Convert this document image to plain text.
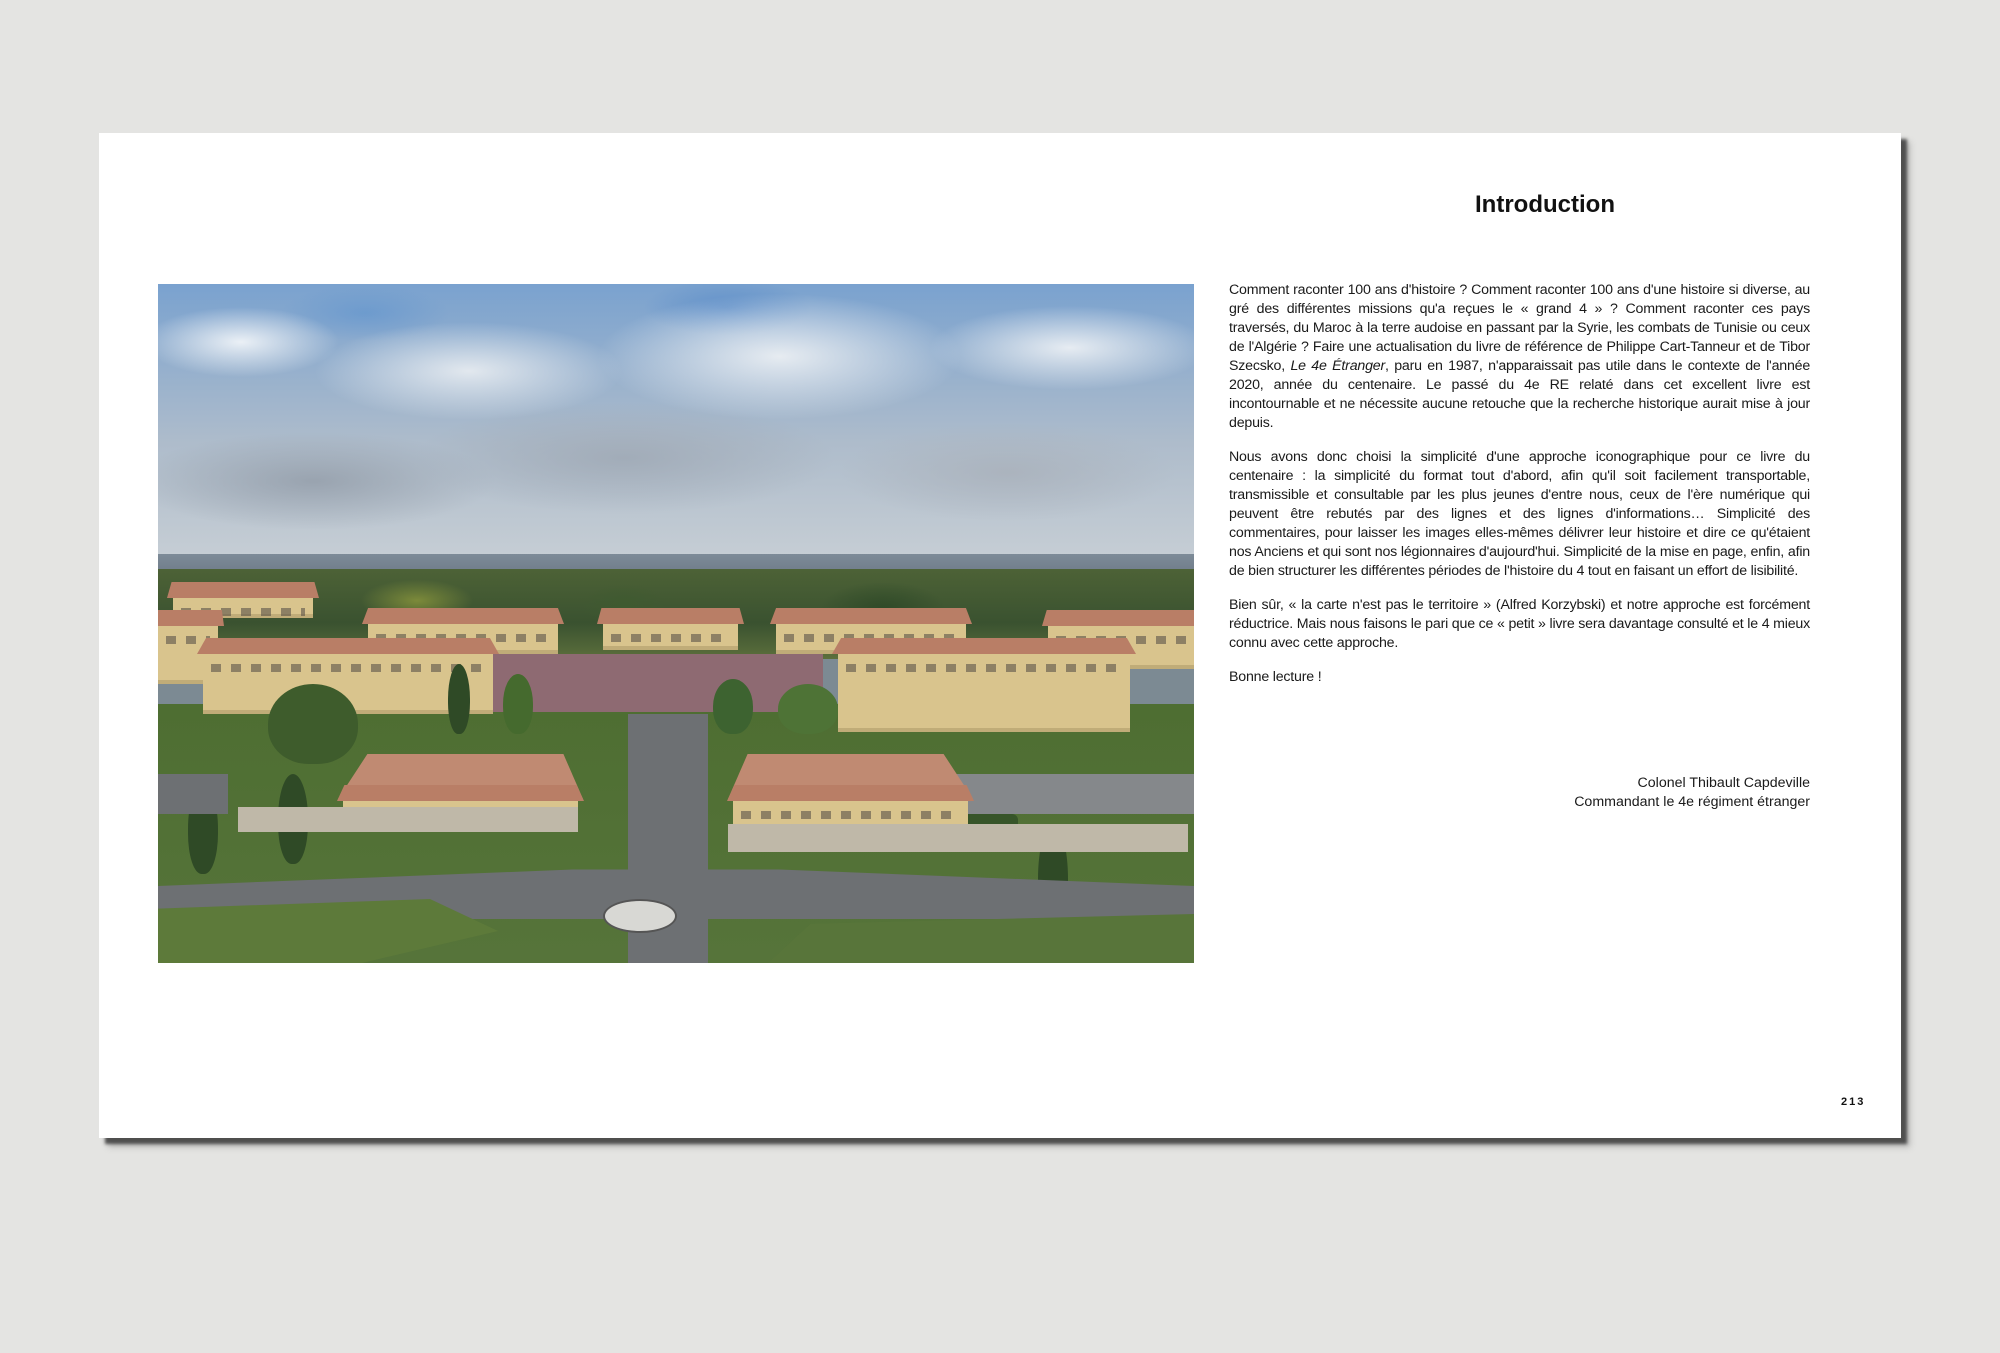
Introduction

Comment raconter 100 ans d'histoire ? Comment raconter 100 ans d'une histoire si diverse, au gré des différentes missions qu'a reçues le « grand 4 » ? Comment raconter ces pays traversés, du Maroc à la terre audoise en passant par la Syrie, les combats de Tunisie ou ceux de l'Algérie ? Faire une actualisation du livre de référence de Philippe Cart-Tanneur et de Tibor Szecsko, Le 4e Étranger, paru en 1987, n'apparaissait pas utile dans le contexte de l'année 2020, année du centenaire. Le passé du 4e RE relaté dans cet excellent livre est incontournable et ne nécessite aucune retouche que la recherche historique aurait mise à jour depuis.

Nous avons donc choisi la simplicité d'une approche iconographique pour ce livre du centenaire : la simplicité du format tout d'abord, afin qu'il soit facilement transportable, transmissible et consultable par les plus jeunes d'entre nous, ceux de l'ère numérique qui peuvent être rebutés par des lignes et des lignes d'informations… Simplicité des commentaires, pour laisser les images elles-mêmes délivrer leur histoire et dire ce qu'étaient nos Anciens et qui sont nos légionnaires d'aujourd'hui. Simplicité de la mise en page, enfin, afin de bien structurer les différentes périodes de l'histoire du 4 tout en faisant un effort de lisibilité.

Bien sûr, « la carte n'est pas le territoire » (Alfred Korzybski) et notre approche est forcément réductrice. Mais nous faisons le pari que ce « petit » livre sera davantage consulté et le 4 mieux connu avec cette approche.

Bonne lecture !

Colonel Thibault Capdeville
Commandant le 4e régiment étranger
213
